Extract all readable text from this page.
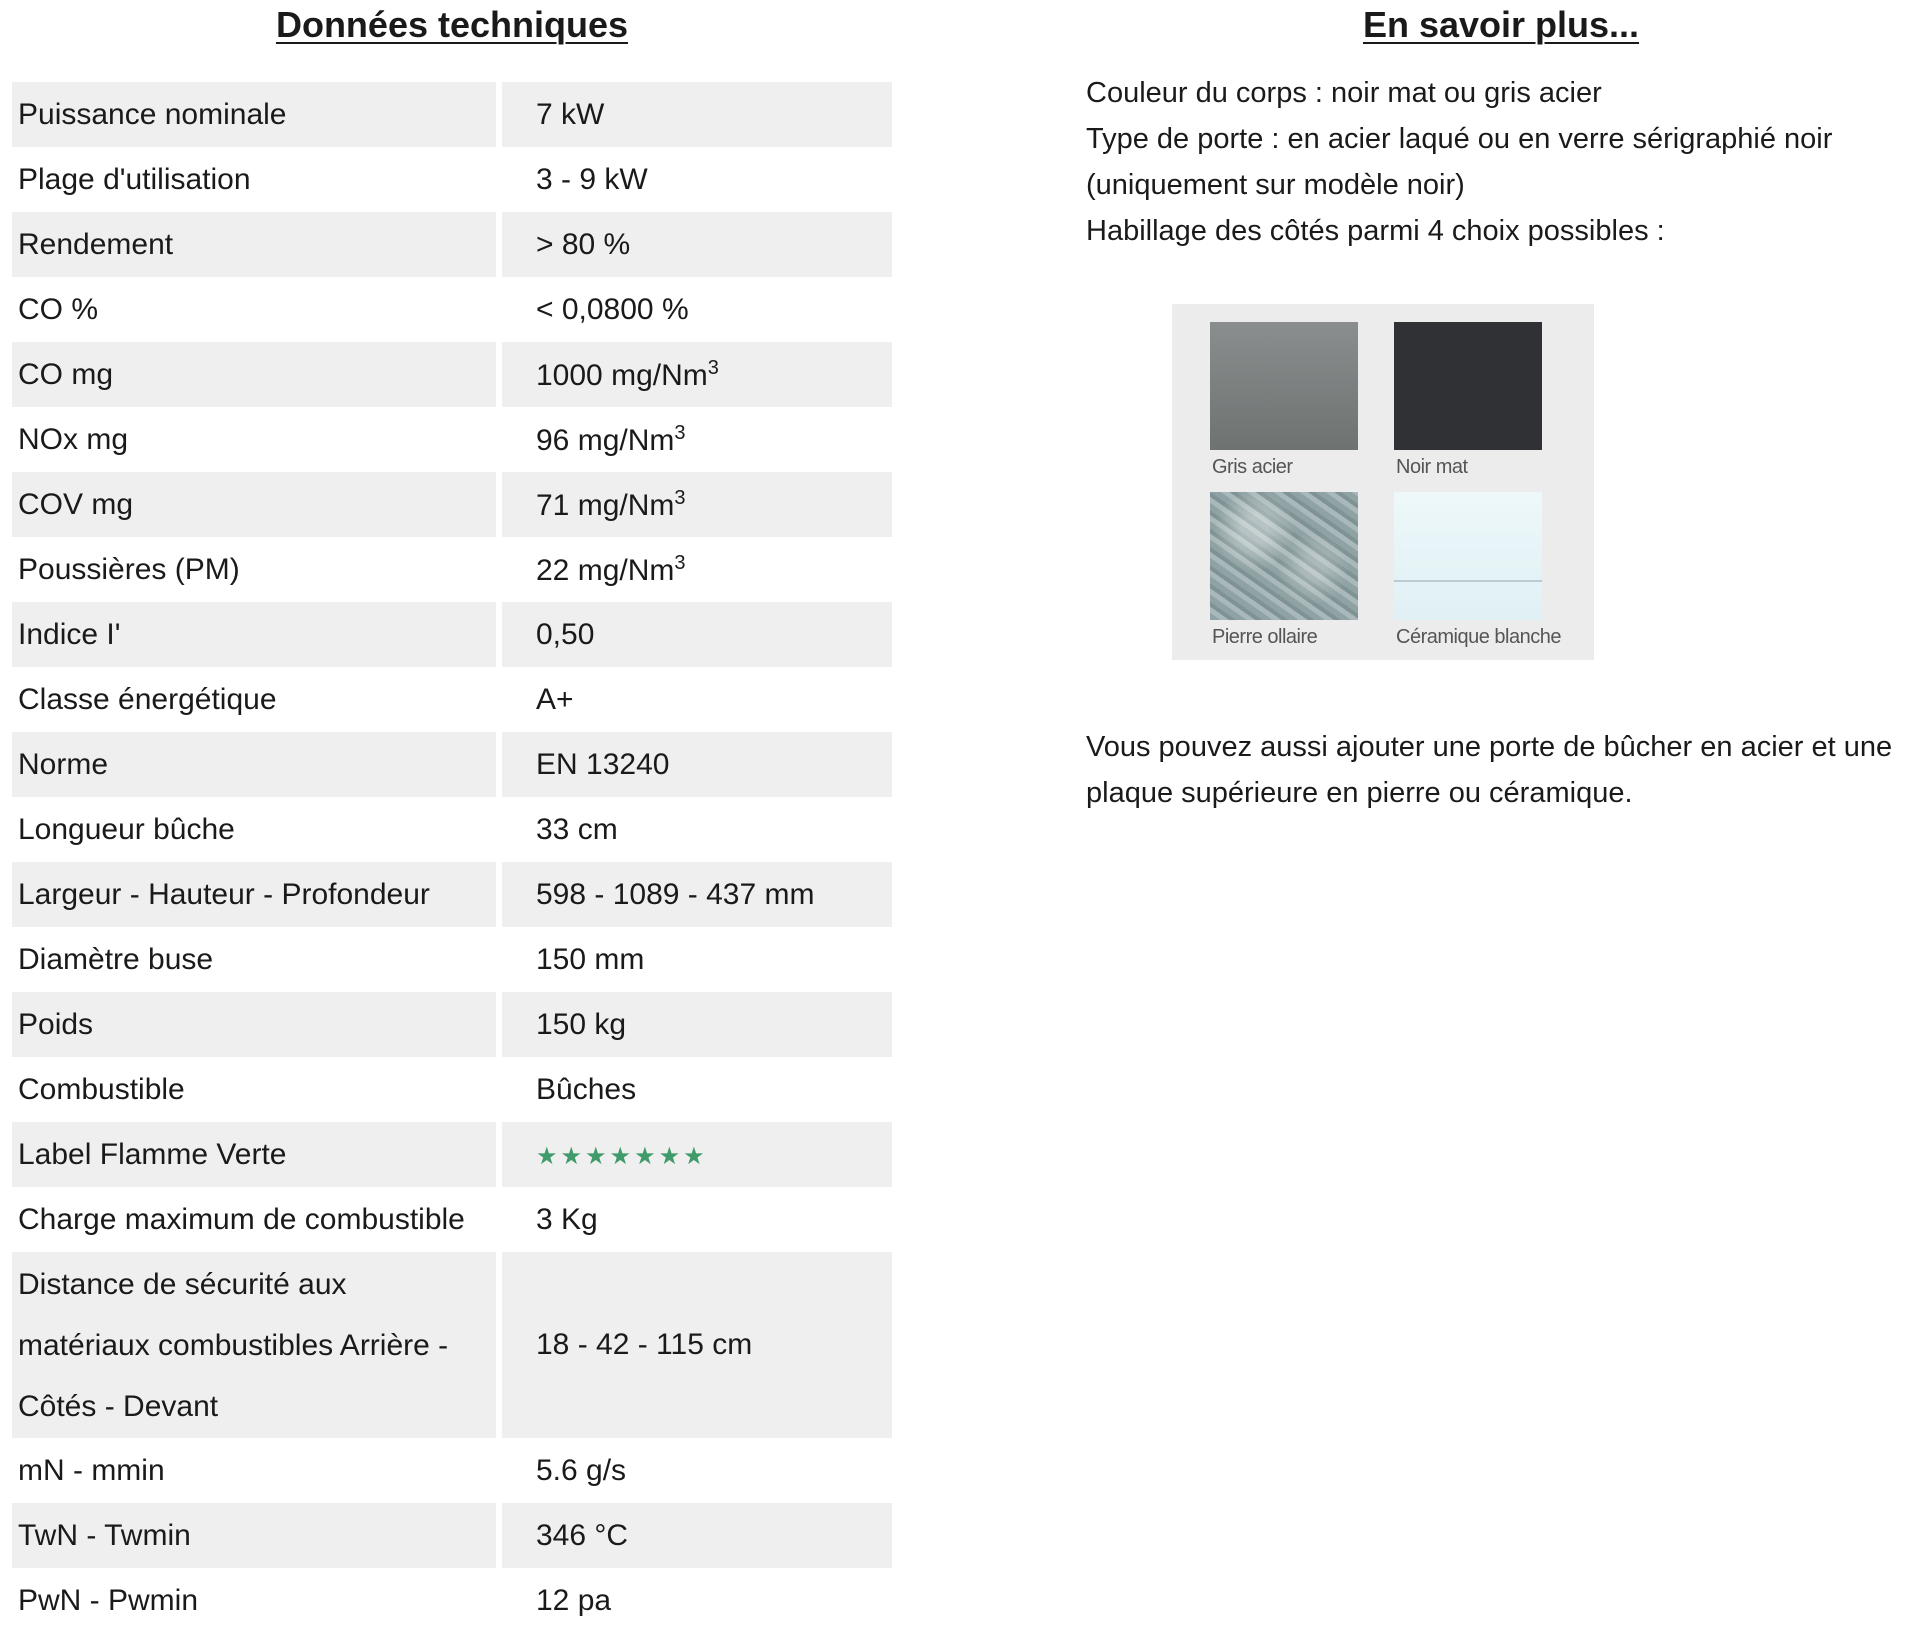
Données techniques
Puissance nominale	7 kW
Plage d'utilisation	3 - 9 kW
Rendement	> 80 %
CO %	< 0,0800 %
CO mg	1000 mg/Nm$^3$
NOx mg	96 mg/Nm$^3$
COV mg	71 mg/Nm$^3$
Poussières (PM)	22 mg/Nm$^3$
Indice I'	0,50
Classe énergétique	A+
Norme	EN 13240
Longueur bûche	33 cm
Largeur - Hauteur - Profondeur	598 - 1089 - 437 mm
Diamètre buse	150 mm
Poids	150 kg
Combustible	Bûches
Label Flamme Verte	★★★★★★★
Charge maximum de combustible	3 Kg

Distance de sécurité aux
matériaux combustibles Arrière -
Côtés - Devant	18 - 42 - 115 cm
mN - mmin	5.6 g/s
TwN - Twmin	346 °C
PwN - Pwmin	12 pa
En savoir plus...
Couleur du corps : noir mat ou gris acier
Type de porte : en acier laqué ou en verre sérigraphié noir
(uniquement sur modèle noir)
Habillage des côtés parmi 4 choix possibles :
Gris acier	Noir mat
Pierre ollaire	Céramique blanche
Vous pouvez aussi ajouter une porte de bûcher en acier et une
plaque supérieure en pierre ou céramique.
